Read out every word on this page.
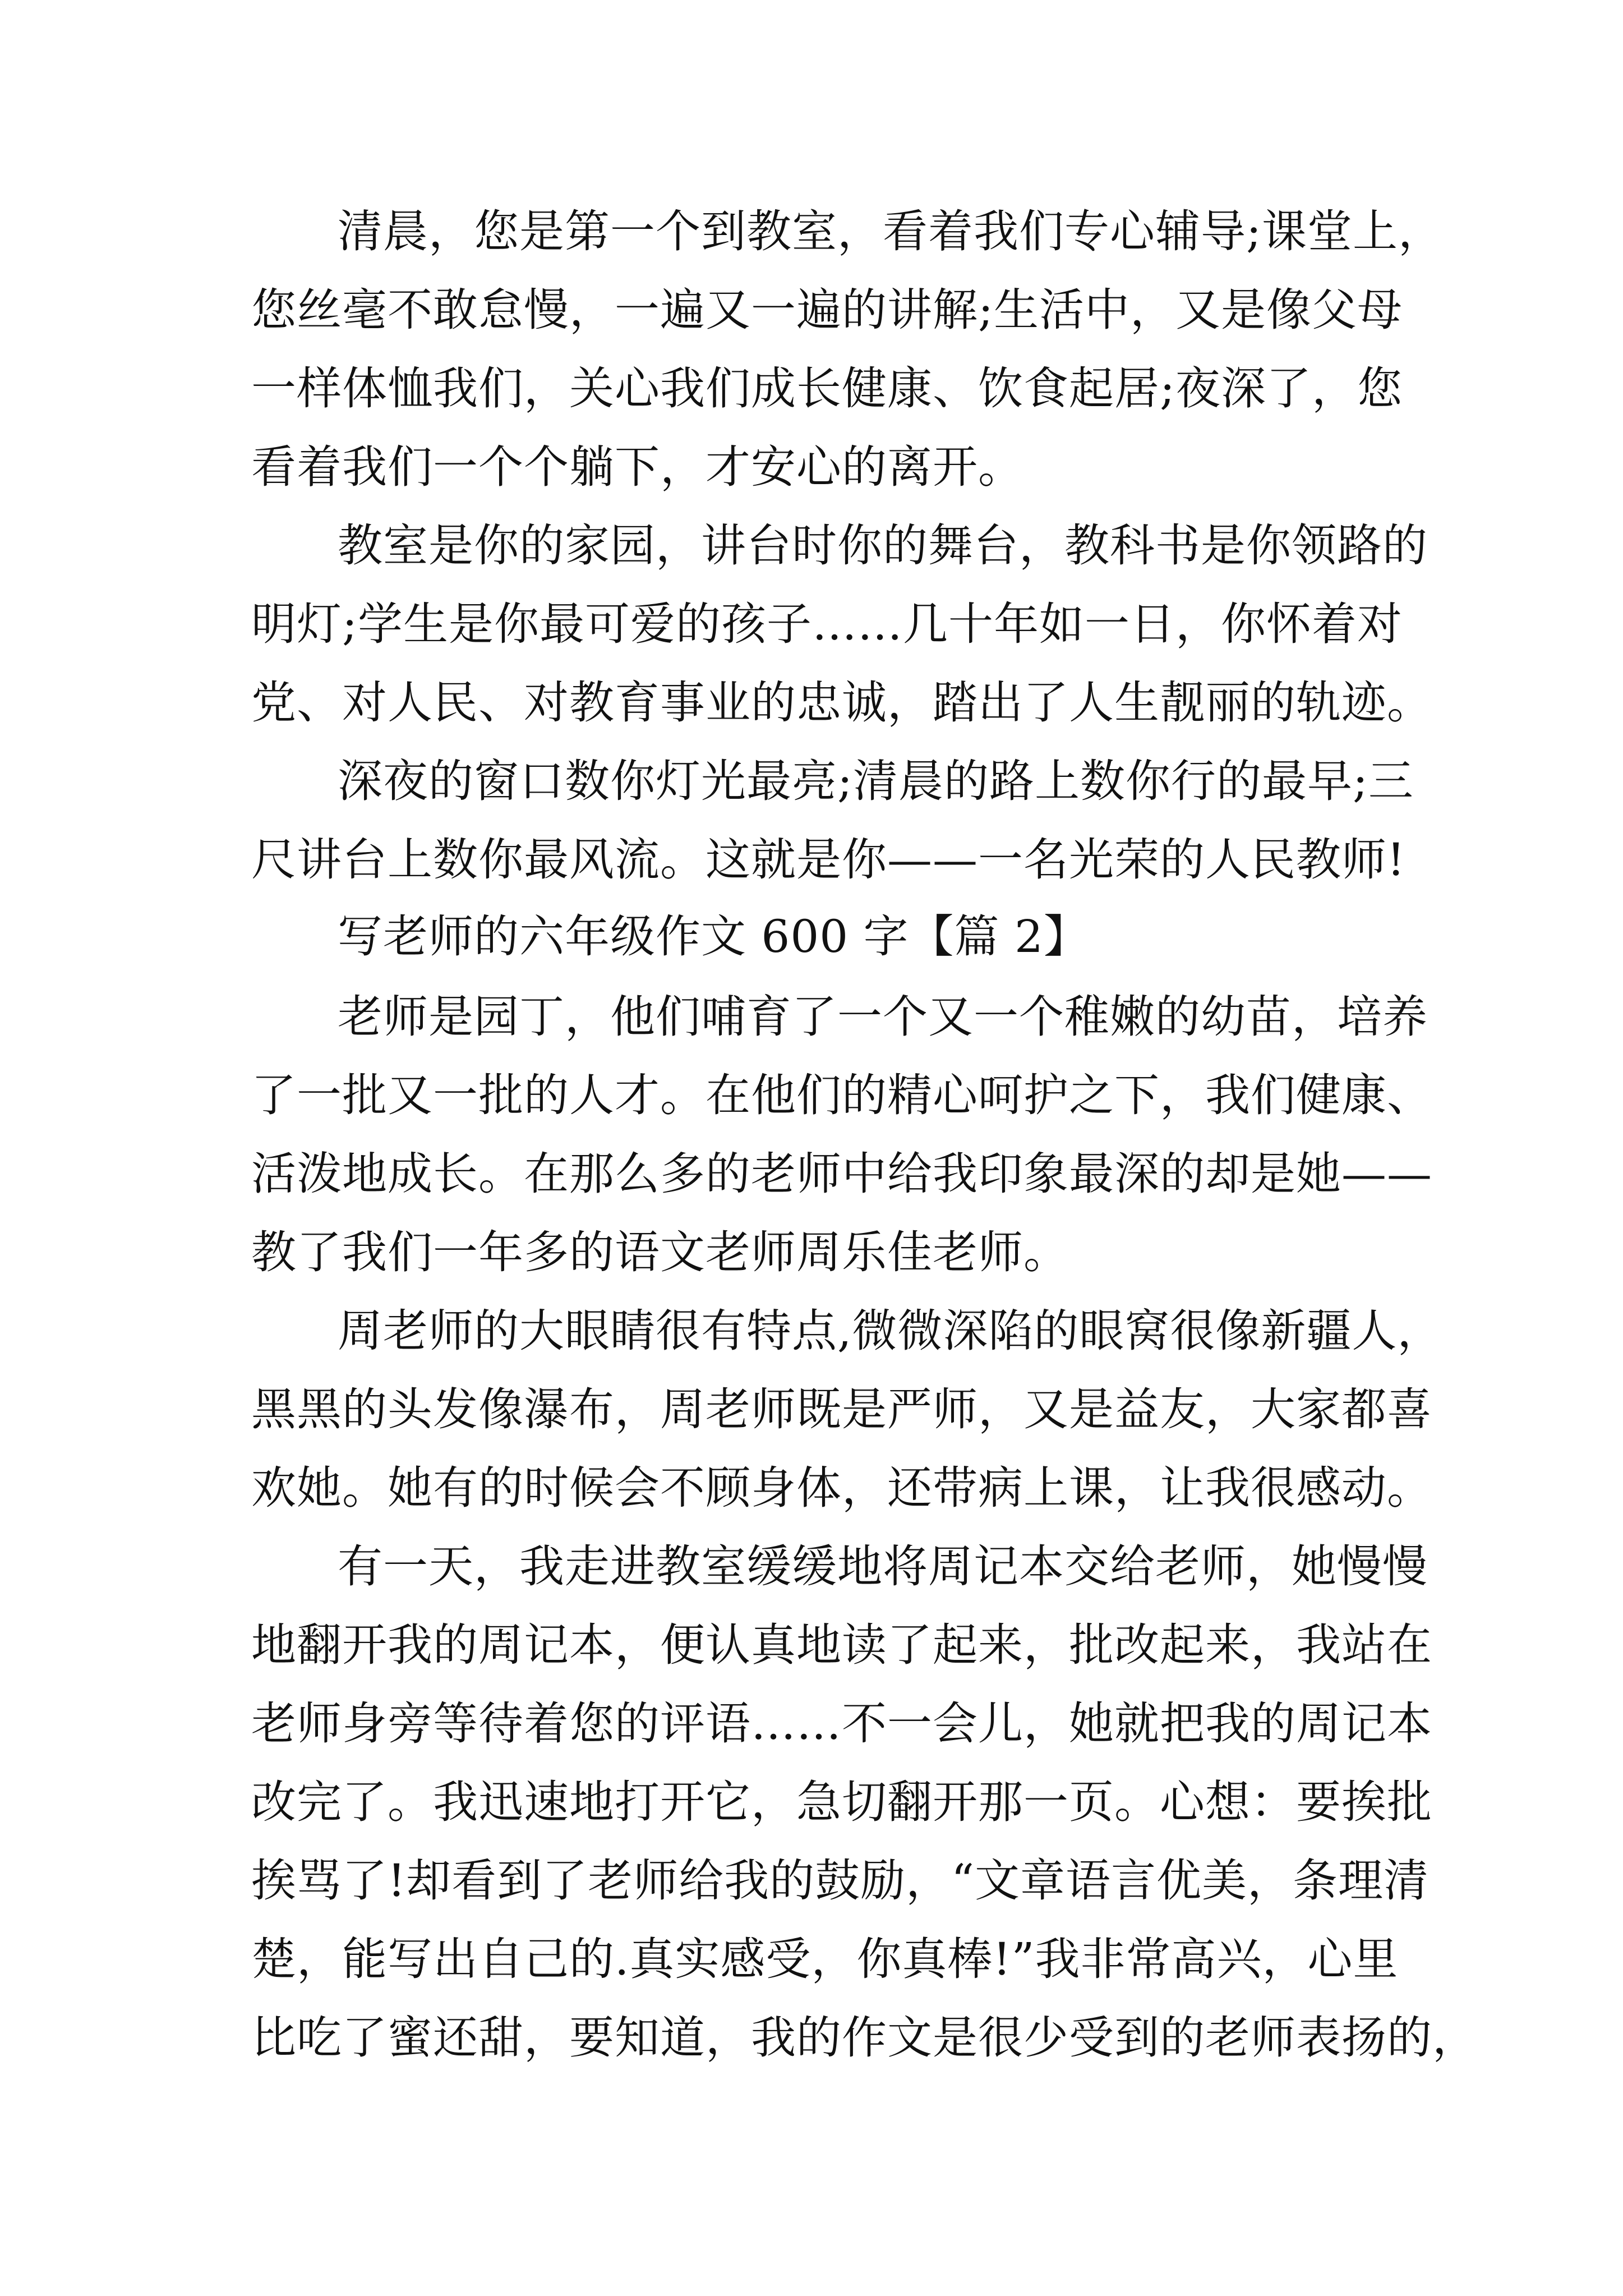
清晨，您是第一个到教室，看着我们专心辅导;课堂上，
您丝毫不敢怠慢，一遍又一遍的讲解;生活中，又是像父母
一样体恤我们，关心我们成长健康、饮食起居;夜深了，您
看着我们一个个躺下，才安心的离开。
教室是你的家园，讲台时你的舞台，教科书是你领路的
明灯;学生是你最可爱的孩子……几十年如一日，你怀着对
党、对人民、对教育事业的忠诚，踏出了人生靓丽的轨迹。
深夜的窗口数你灯光最亮;清晨的路上数你行的最早;三
尺讲台上数你最风流。这就是你——一名光荣的人民教师!
写老师的六年级作文 600 字【篇 2】
老师是园丁，他们哺育了一个又一个稚嫩的幼苗，培养
了一批又一批的人才。在他们的精心呵护之下，我们健康、
活泼地成长。在那么多的老师中给我印象最深的却是她——
教了我们一年多的语文老师周乐佳老师。
周老师的大眼睛很有特点,微微深陷的眼窝很像新疆人，
黑黑的头发像瀑布，周老师既是严师，又是益友，大家都喜
欢她。她有的时候会不顾身体，还带病上课，让我很感动。
有一天，我走进教室缓缓地将周记本交给老师，她慢慢
地翻开我的周记本，便认真地读了起来，批改起来，我站在
老师身旁等待着您的评语……不一会儿，她就把我的周记本
改完了。我迅速地打开它，急切翻开那一页。心想：要挨批
挨骂了!却看到了老师给我的鼓励，“文章语言优美，条理清
楚，能写出自己的.真实感受，你真棒!”我非常高兴，心里
比吃了蜜还甜，要知道，我的作文是很少受到的老师表扬的，
